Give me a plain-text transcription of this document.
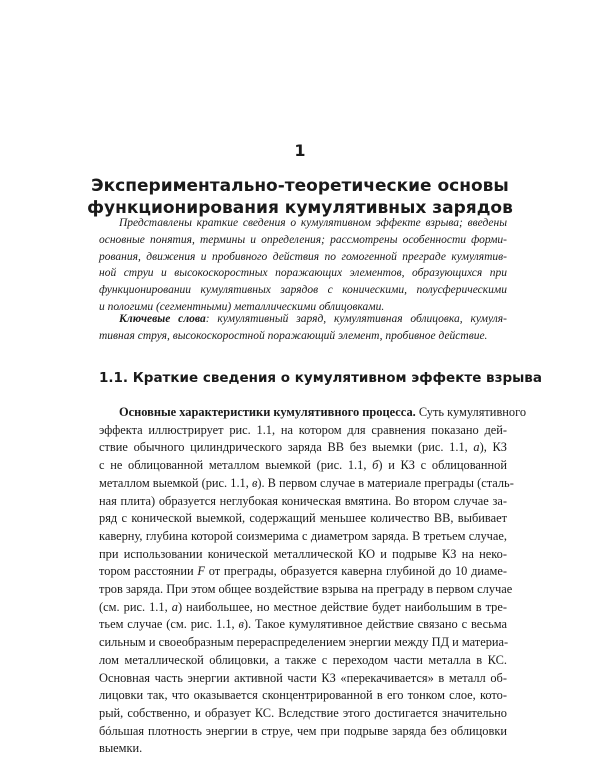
1
Экспериментально-теоретические основы
функционирования кумулятивных зарядов

Представлены краткие сведения о кумулятивном эффекте взрыва; введены
основные понятия, термины и определения; рассмотрены особенности форми-
рования, движения и пробивного действия по гомогенной преграде кумулятив-
ной струи и высокоскоростных поражающих элементов, образующихся при
функционировании кумулятивных зарядов с коническими, полусферическими
и пологими (сегментными) металлическими облицовками.

Ключевые слова: кумулятивный заряд, кумулятивная облицовка, кумуля-
тивная струя, высокоскоростной поражающий элемент, пробивное действие.

1.1. Краткие сведения о кумулятивном эффекте взрыва

Основные характеристики кумулятивного процесса. Суть кумулятивного
эффекта иллюстрирует рис. 1.1, на котором для сравнения показано дей-
ствие обычного цилиндрического заряда ВВ без выемки (рис. 1.1, а), КЗ
с не облицованной металлом выемкой (рис. 1.1, б) и КЗ с облицованной
металлом выемкой (рис. 1.1, в). В первом случае в материале преграды (сталь-
ная плита) образуется неглубокая коническая вмятина. Во втором случае за-
ряд с конической выемкой, содержащий меньшее количество ВВ, выбивает
каверну, глубина которой соизмерима с диаметром заряда. В третьем случае,
при использовании конической металлической КО и подрыве КЗ на неко-
тором расстоянии F от преграды, образуется каверна глубиной до 10 диаме-
тров заряда. При этом общее воздействие взрыва на преграду в первом случае
(см. рис. 1.1, а) наибольшее, но местное действие будет наибольшим в тре-
тьем случае (см. рис. 1.1, в). Такое кумулятивное действие связано с весьма
сильным и своеобразным перераспределением энергии между ПД и материа-
лом металлической облицовки, а также с переходом части металла в КС.
Основная часть энергии активной части КЗ «перекачивается» в металл об-
лицовки так, что оказывается сконцентрированной в его тонком слое, кото-
рый, собственно, и образует КС. Вследствие этого достигается значительно
бóльшая плотность энергии в струе, чем при подрыве заряда без облицовки
выемки.
